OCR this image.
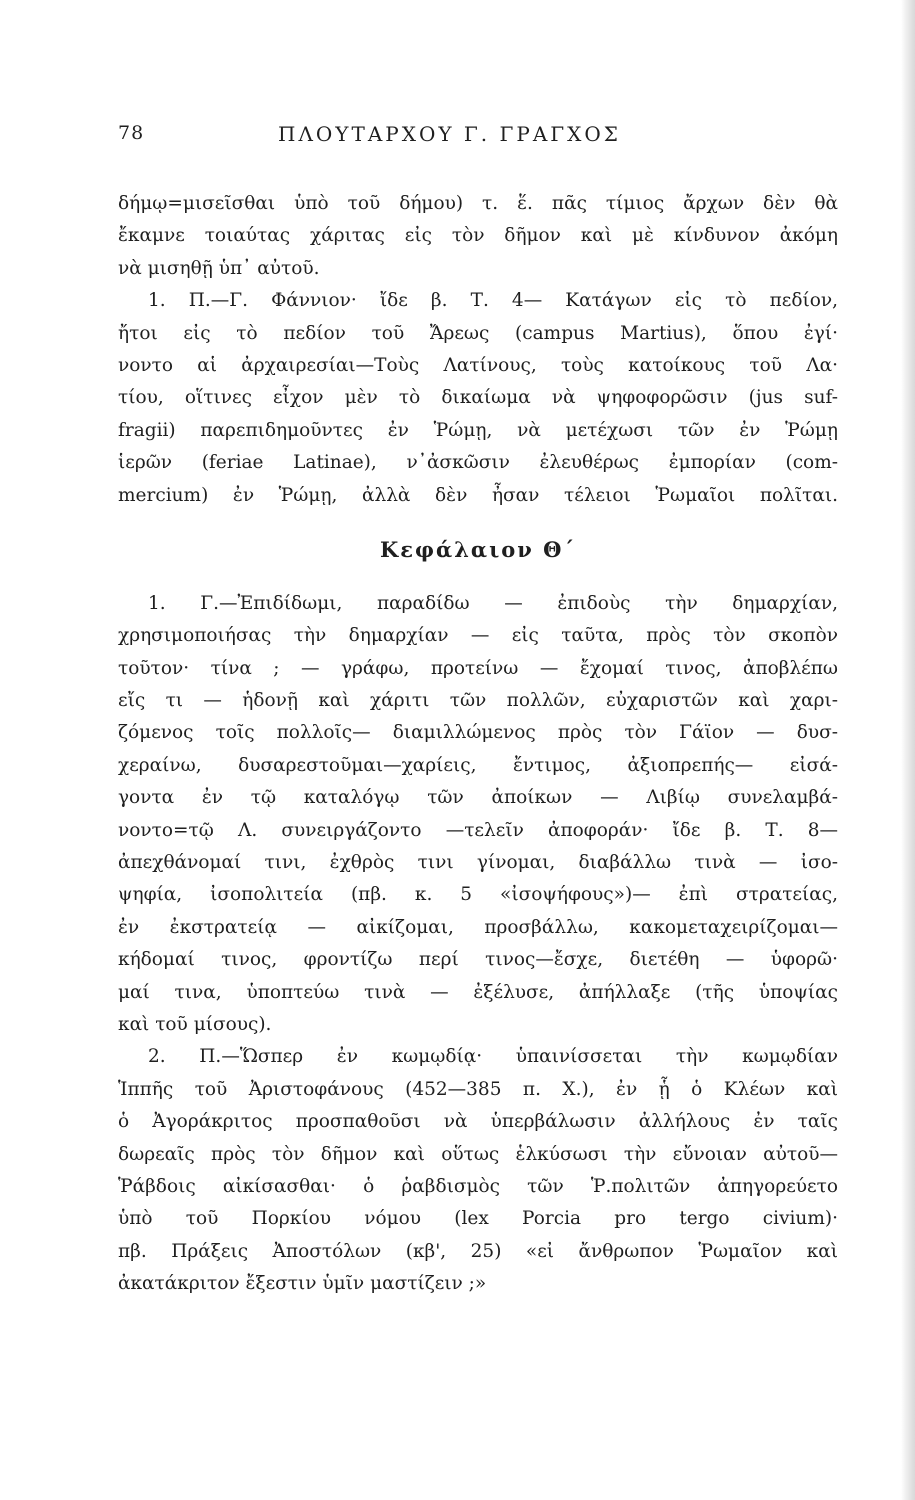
78	ΠΛΟΥΤΑΡΧΟΥ Γ. ΓΡΑΓΧΟΣ
δήμῳ=μισεῖσθαι ὑπὸ τοῦ δήμου) τ. ἕ. πᾶς τίμιος ἄρχων δὲν θὰ
ἔκαμνε τοιαύτας χάριτας εἰς τὸν δῆμον καὶ μὲ κίνδυνον ἀκόμη
νὰ μισηθῇ ὑπ᾽ αὐτοῦ.
1. Π.—Γ. Φάννιον· ἴδε β. Τ. 4— Κατάγων εἰς τὸ πεδίον,
ἤτοι εἰς τὸ πεδίον τοῦ Ἄρεως (campus Martius), ὅπου ἐγί·
νοντο αἱ ἀρχαιρεσίαι—Τοὺς Λατίνους, τοὺς κατοίκους τοῦ Λα·
τίου, οἵτινες εἶχον μὲν τὸ δικαίωμα νὰ ψηφοφορῶσιν (jus suf-
fragii) παρεπιδημοῦντες ἐν Ῥώμῃ, νὰ μετέχωσι τῶν ἐν Ῥώμῃ
ἱερῶν (feriae Latinae), ν᾽ἀσκῶσιν ἐλευθέρως ἐμπορίαν (com-
mercium) ἐν Ῥώμῃ, ἀλλὰ δὲν ἦσαν τέλειοι Ῥωμαῖοι πολῖται.
Κεφάλαιον Θ΄
1. Γ.—Ἐπιδίδωμι, παραδίδω — ἐπιδοὺς τὴν δημαρχίαν,
χρησιμοποιήσας τὴν δημαρχίαν — εἰς ταῦτα, πρὸς τὸν σκοπὸν
τοῦτον· τίνα ; — γράφω, προτείνω — ἔχομαί τινος, ἀποβλέπω
εἴς τι — ἡδονῇ καὶ χάριτι τῶν πολλῶν, εὐχαριστῶν καὶ χαρι-
ζόμενος τοῖς πολλοῖς— διαμιλλώμενος πρὸς τὸν Γάϊον — δυσ-
χεραίνω, δυσαρεστοῦμαι—χαρίεις, ἔντιμος, ἀξιοπρεπής— εἰσά-
γοντα ἐν τῷ καταλόγῳ τῶν ἀποίκων — Λιβίῳ συνελαμβά-
νοντο=τῷ Λ. συνειργάζοντο —τελεῖν ἀποφοράν· ἴδε β. Τ. 8—
ἀπεχθάνομαί τινι, ἐχθρὸς τινι γίνομαι, διαβάλλω τινὰ — ἰσο-
ψηφία, ἰσοπολιτεία (πβ. κ. 5 «ἰσοψήφους»)— ἐπὶ στρατείας,
ἐν ἐκστρατείᾳ — αἰκίζομαι, προσβάλλω, κακομεταχειρίζομαι—
κήδομαί τινος, φροντίζω περί τινος—ἔσχε, διετέθη — ὑφορῶ·
μαί τινα, ὑποπτεύω τινὰ — ἐξέλυσε, ἀπήλλαξε (τῆς ὑποψίας
καὶ τοῦ μίσους).
2. Π.—Ὥσπερ ἐν κωμῳδίᾳ· ὑπαινίσσεται τὴν κωμῳδίαν
Ἱππῆς τοῦ Ἀριστοφάνους (452—385 π. Χ.), ἐν ᾗ ὁ Κλέων καὶ
ὁ Ἀγοράκριτος προσπαθοῦσι νὰ ὑπερβάλωσιν ἀλλήλους ἐν ταῖς
δωρεαῖς πρὸς τὸν δῆμον καὶ οὕτως ἑλκύσωσι τὴν εὔνοιαν αὐτοῦ—
Ῥάβδοις αἰκίσασθαι· ὁ ῥαβδισμὸς τῶν Ῥ.πολιτῶν ἀπηγορεύετο
ὑπὸ τοῦ Πορκίου νόμου (lex Porcia pro tergo civium)·
πβ. Πράξεις Ἀποστόλων (κβ', 25) «εἰ ἄνθρωπον Ῥωμαῖον καὶ
ἀκατάκριτον ἔξεστιν ὑμῖν μαστίζειν ;»
